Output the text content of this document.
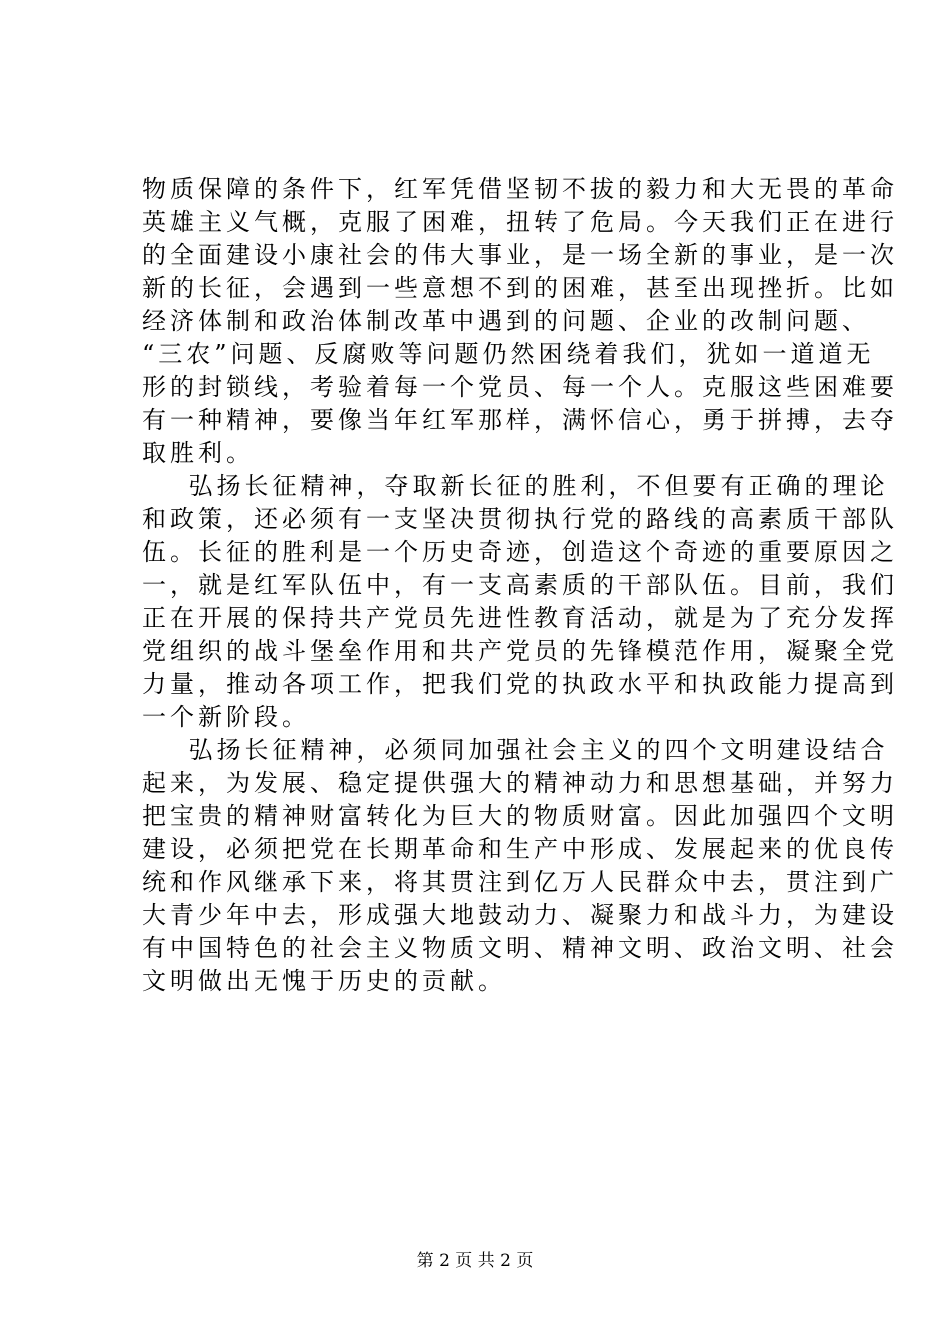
物质保障的条件下，红军凭借坚韧不拔的毅力和大无畏的革命
英雄主义气概，克服了困难，扭转了危局。今天我们正在进行
的全面建设小康社会的伟大事业，是一场全新的事业，是一次
新的长征，会遇到一些意想不到的困难，甚至出现挫折。比如
经济体制和政治体制改革中遇到的问题、企业的改制问题、
“三农”问题、反腐败等问题仍然困绕着我们，犹如一道道无
形的封锁线，考验着每一个党员、每一个人。克服这些困难要
有一种精神，要像当年红军那样，满怀信心，勇于拼搏，去夺
取胜利。
弘扬长征精神，夺取新长征的胜利，不但要有正确的理论
和政策，还必须有一支坚决贯彻执行党的路线的高素质干部队
伍。长征的胜利是一个历史奇迹，创造这个奇迹的重要原因之
一，就是红军队伍中，有一支高素质的干部队伍。目前，我们
正在开展的保持共产党员先进性教育活动，就是为了充分发挥
党组织的战斗堡垒作用和共产党员的先锋模范作用，凝聚全党
力量，推动各项工作，把我们党的执政水平和执政能力提高到
一个新阶段。
弘扬长征精神，必须同加强社会主义的四个文明建设结合
起来，为发展、稳定提供强大的精神动力和思想基础，并努力
把宝贵的精神财富转化为巨大的物质财富。因此加强四个文明
建设，必须把党在长期革命和生产中形成、发展起来的优良传
统和作风继承下来，将其贯注到亿万人民群众中去，贯注到广
大青少年中去，形成强大地鼓动力、凝聚力和战斗力，为建设
有中国特色的社会主义物质文明、精神文明、政治文明、社会
文明做出无愧于历史的贡献。
第 2 页 共 2 页
